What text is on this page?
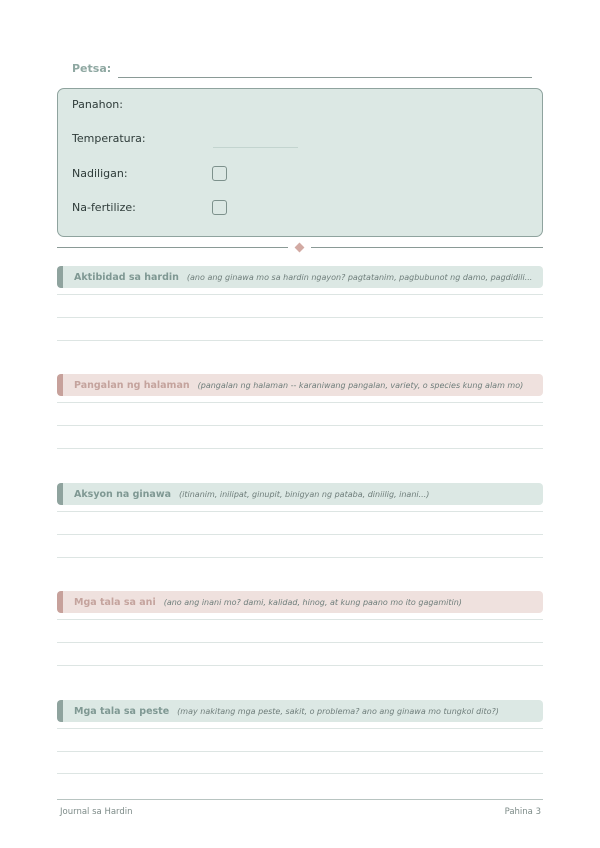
Petsa:
Panahon:
Temperatura:
Nadiligan:
Na-fertilize:
Aktibidad sa hardin (ano ang ginawa mo sa hardin ngayon? pagtatanim, pagbubunot ng damo, pagdidili...
Pangalan ng halaman (pangalan ng halaman -- karaniwang pangalan, variety, o species kung alam mo)
Aksyon na ginawa (itinanim, inilipat, ginupit, binigyan ng pataba, diniilig, inani...)
Mga tala sa ani (ano ang inani mo? dami, kalidad, hinog, at kung paano mo ito gagamitin)
Mga tala sa peste (may nakitang mga peste, sakit, o problema? ano ang ginawa mo tungkol dito?)
Journal sa Hardin	Pahina 3
